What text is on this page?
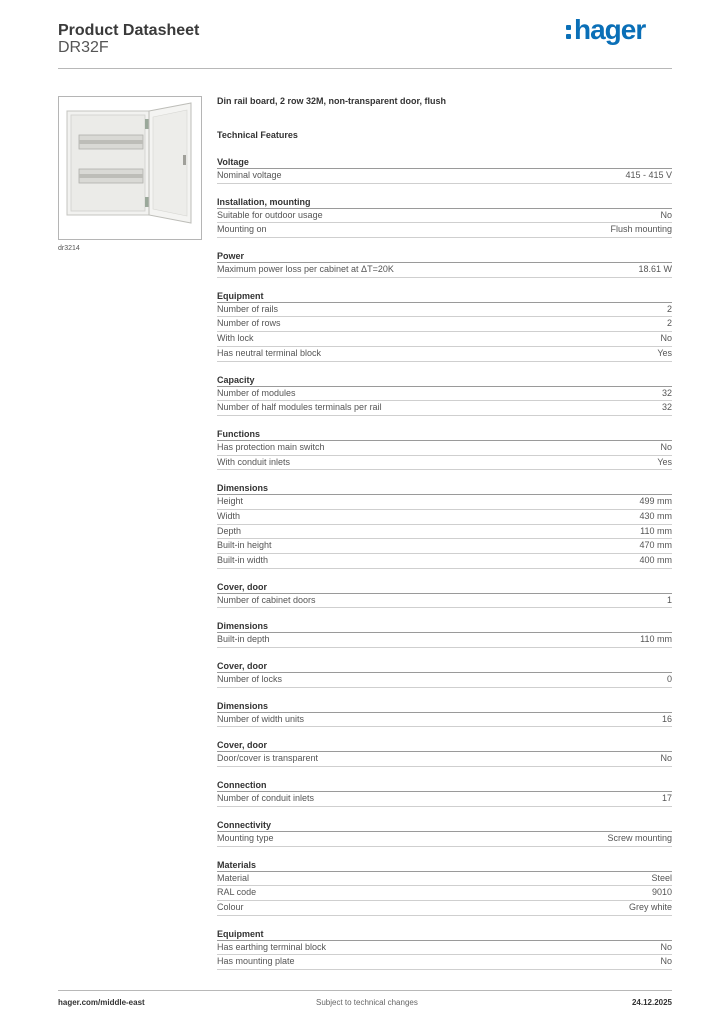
Product Datasheet
DR32F
hager
dr3214
Din rail board, 2 row 32M, non-transparent door, flush
Technical Features
Voltage
Nominal voltage	415 - 415 V
Installation, mounting
Suitable for outdoor usage	No
Mounting on	Flush mounting
Power
Maximum power loss per cabinet at ΔT=20K	18.61 W
Equipment
Number of rails	2
Number of rows	2
With lock	No
Has neutral terminal block	Yes
Capacity
Number of modules	32
Number of half modules terminals per rail	32
Functions
Has protection main switch	No
With conduit inlets	Yes
Dimensions
Height	499 mm
Width	430 mm
Depth	110 mm
Built-in height	470 mm
Built-in width	400 mm
Cover, door
Number of cabinet doors	1
Dimensions
Built-in depth	110 mm
Cover, door
Number of locks	0
Dimensions
Number of width units	16
Cover, door
Door/cover is transparent	No
Connection
Number of conduit inlets	17
Connectivity
Mounting type	Screw mounting
Materials
Material	Steel
RAL code	9010
Colour	Grey white
Equipment
Has earthing terminal block	No
Has mounting plate	No
hager.com/middle-east	Subject to technical changes	24.12.2025
